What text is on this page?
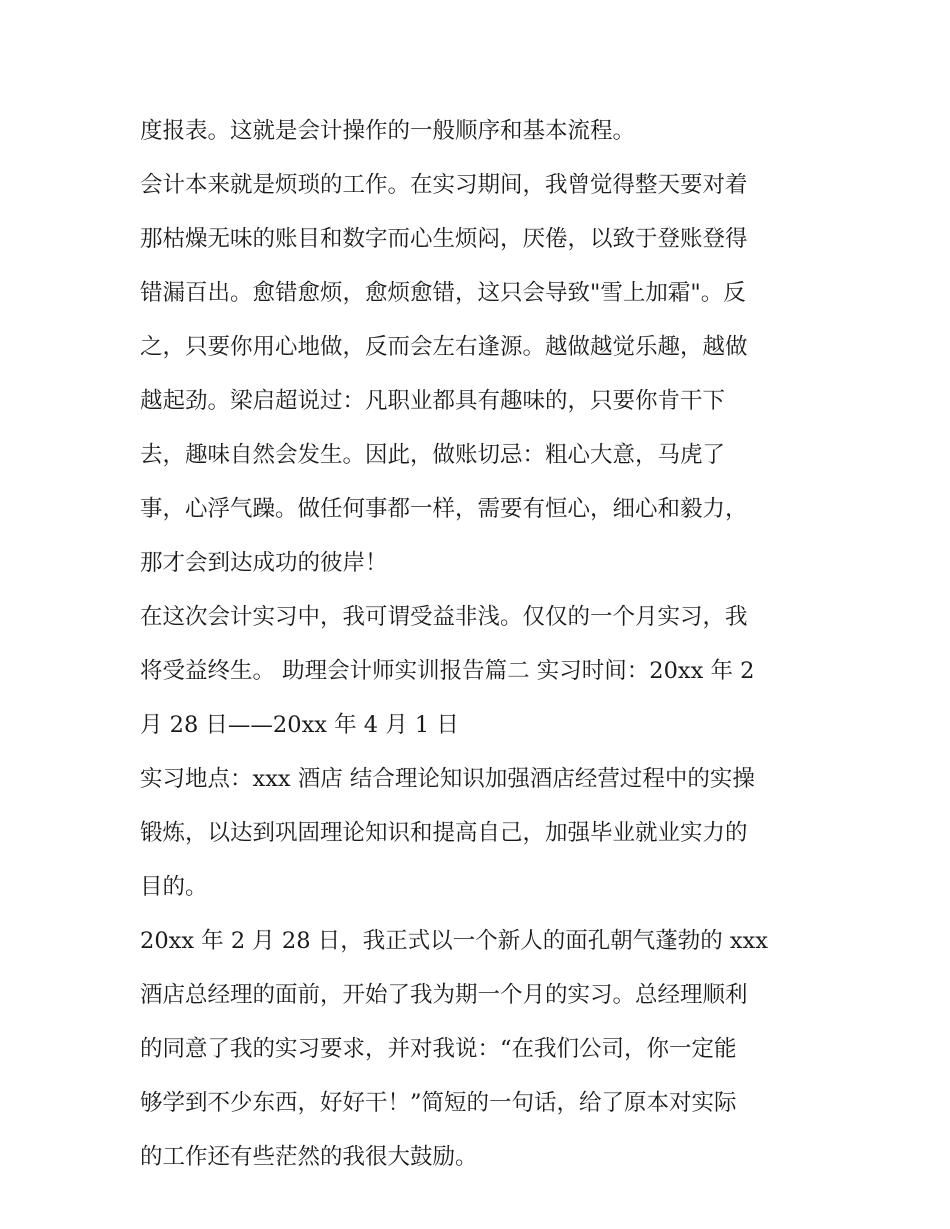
度报表。这就是会计操作的一般顺序和基本流程。
会计本来就是烦琐的工作。在实习期间，我曾觉得整天要对着
那枯燥无味的账目和数字而心生烦闷，厌倦，以致于登账登得
错漏百出。愈错愈烦，愈烦愈错，这只会导致"雪上加霜"。反
之，只要你用心地做，反而会左右逢源。越做越觉乐趣，越做
越起劲。梁启超说过：凡职业都具有趣味的，只要你肯干下
去，趣味自然会发生。因此，做账切忌：粗心大意，马虎了
事，心浮气躁。做任何事都一样，需要有恒心，细心和毅力，
那才会到达成功的彼岸！
在这次会计实习中，我可谓受益非浅。仅仅的一个月实习，我
将受益终生。 助理会计师实训报告篇二 实习时间：20xx 年 2
月 28 日——20xx 年 4 月 1 日
实习地点：xxx 酒店 结合理论知识加强酒店经营过程中的实操
锻炼，以达到巩固理论知识和提高自己，加强毕业就业实力的
目的。
20xx 年 2 月 28 日，我正式以一个新人的面孔朝气蓬勃的 xxx
酒店总经理的面前，开始了我为期一个月的实习。总经理顺利
的同意了我的实习要求，并对我说：“在我们公司，你一定能
够学到不少东西，好好干！”简短的一句话，给了原本对实际
的工作还有些茫然的我很大鼓励。
